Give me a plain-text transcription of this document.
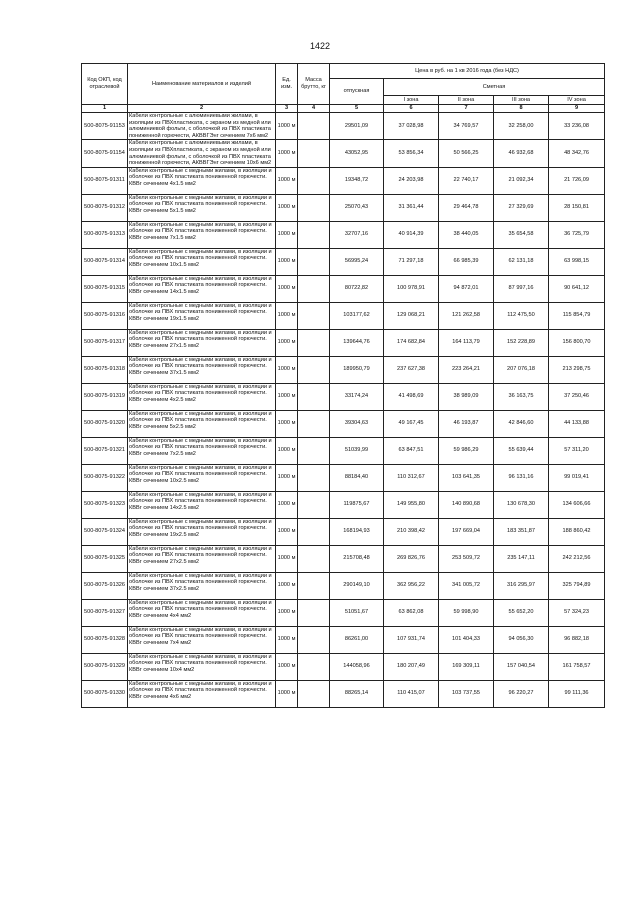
1422
Код ОКП, код отраслевой	Наименование материалов и изделий	Ед. изм.	Масса брутто, кг	Цена в руб. на 1 кв 2016 года (без НДС)				
				отпускная	Сметная			
					I зона	II зона	III зона	IV зона
1	2	3	4	5	6	7	8	9
500-8075-91153	Кабели контрольные с алюминиевыми жилами, в изоляции из ПВХпластиката, с экраном из медной или алюминиевой фольги, с оболочкой из ПВХ пластиката пониженной горючести, АКВВГЭнг сечением 7х6 мм2	1000 м		29501,09	37 028,98	34 769,57	32 258,00	33 236,08
500-8075-91154	Кабели контрольные с алюминиевыми жилами, в изоляции из ПВХпластиката, с экраном из медной или алюминиевой фольги, с оболочкой из ПВХ пластиката пониженной горючести, АКВВГЭнг сечением 10х6 мм2	1000 м		43052,95	53 856,34	50 566,25	46 932,68	48 342,76
500-8075-91311	Кабели контрольные с медными жилами, в изоляции и оболочке из ПВХ пластиката пониженной горючести. КВВг сечением 4х1.5 мм2	1000 м		19348,72	24 203,98	22 740,17	21 092,34	21 726,09
500-8075-91312	Кабели контрольные с медными жилами, в изоляции и оболочке из ПВХ пластиката пониженной горючести. КВВг сечением 5х1.5 мм2	1000 м		25070,43	31 361,44	29 464,78	27 329,69	28 150,81
500-8075-91313	Кабели контрольные с медными жилами, в изоляции и оболочке из ПВХ пластиката пониженной горючести. КВВг сечением 7х1.5 мм2	1000 м		32707,16	40 914,39	38 440,05	35 654,58	36 725,79
500-8075-91314	Кабели контрольные с медными жилами, в изоляции и оболочке из ПВХ пластиката пониженной горючести. КВВг сечением 10х1.5 мм2	1000 м		56995,24	71 297,18	66 985,39	62 131,18	63 998,15
500-8075-91315	Кабели контрольные с медными жилами, в изоляции и оболочке из ПВХ пластиката пониженной горючести. КВВг сечением 14х1.5 мм2	1000 м		80722,82	100 978,91	94 872,01	87 997,16	90 641,12
500-8075-91316	Кабели контрольные с медными жилами, в изоляции и оболочке из ПВХ пластиката пониженной горючести. КВВг сечением 19х1.5 мм2	1000 м		103177,62	129 068,21	121 262,58	112 475,50	115 854,79
500-8075-91317	Кабели контрольные с медными жилами, в изоляции и оболочке из ПВХ пластиката пониженной горючести. КВВг сечением 27х1.5 мм2	1000 м		139644,76	174 682,84	164 113,79	152 228,89	156 800,70
500-8075-91318	Кабели контрольные с медными жилами, в изоляции и оболочке из ПВХ пластиката пониженной горючести. КВВг сечением 37х1.5 мм2	1000 м		189950,79	237 627,38	223 264,21	207 076,18	213 298,75
500-8075-91319	Кабели контрольные с медными жилами, в изоляции и оболочке из ПВХ пластиката пониженной горючести. КВВг сечением 4х2.5 мм2	1000 м		33174,24	41 498,69	38 989,09	36 163,75	37 250,46
500-8075-91320	Кабели контрольные с медными жилами, в изоляции и оболочке из ПВХ пластиката пониженной горючести. КВВг сечением 5х2.5 мм2	1000 м		39304,63	49 167,45	46 193,87	42 846,60	44 133,88
500-8075-91321	Кабели контрольные с медными жилами, в изоляции и оболочке из ПВХ пластиката пониженной горючести. КВВг сечением 7х2.5 мм2	1000 м		51039,99	63 847,51	59 986,29	55 639,44	57 311,20
500-8075-91322	Кабели контрольные с медными жилами, в изоляции и оболочке из ПВХ пластиката пониженной горючести. КВВг сечением 10х2.5 мм2	1000 м		88184,40	110 312,67	103 641,35	96 131,16	99 019,41
500-8075-91323	Кабели контрольные с медными жилами, в изоляции и оболочке из ПВХ пластиката пониженной горючести. КВВг сечением 14х2.5 мм2	1000 м		119875,67	149 955,80	140 890,68	130 678,30	134 606,66
500-8075-91324	Кабели контрольные с медными жилами, в изоляции и оболочке из ПВХ пластиката пониженной горючести. КВВг сечением 19х2.5 мм2	1000 м		168194,93	210 398,42	197 669,04	183 351,87	188 860,42
500-8075-91325	Кабели контрольные с медными жилами, в изоляции и оболочке из ПВХ пластиката пониженной горючести. КВВг сечением 27х2.5 мм2	1000 м		215708,48	269 826,76	253 509,72	235 147,11	242 212,56
500-8075-91326	Кабели контрольные с медными жилами, в изоляции и оболочке из ПВХ пластиката пониженной горючести. КВВг сечением 37х2.5 мм2	1000 м		290149,10	362 956,22	341 005,72	316 295,97	325 794,89
500-8075-91327	Кабели контрольные с медными жилами, в изоляции и оболочке из ПВХ пластиката пониженной горючести. КВВг сечением 4х4 мм2	1000 м		51051,67	63 862,08	59 998,90	55 652,20	57 324,23
500-8075-91328	Кабели контрольные с медными жилами, в изоляции и оболочке из ПВХ пластиката пониженной горючести. КВВг сечением 7х4 мм2	1000 м		86261,00	107 931,74	101 404,33	94 056,30	96 882,18
500-8075-91329	Кабели контрольные с медными жилами, в изоляции и оболочке из ПВХ пластиката пониженной горючести. КВВг сечением 10х4 мм2	1000 м		144058,96	180 207,49	169 309,11	157 040,54	161 758,57
500-8075-91330	Кабели контрольные с медными жилами, в изоляции и оболочке из ПВХ пластиката пониженной горючести. КВВг сечением 4х6 мм2	1000 м		88265,14	110 415,07	103 737,55	96 220,27	99 111,36
